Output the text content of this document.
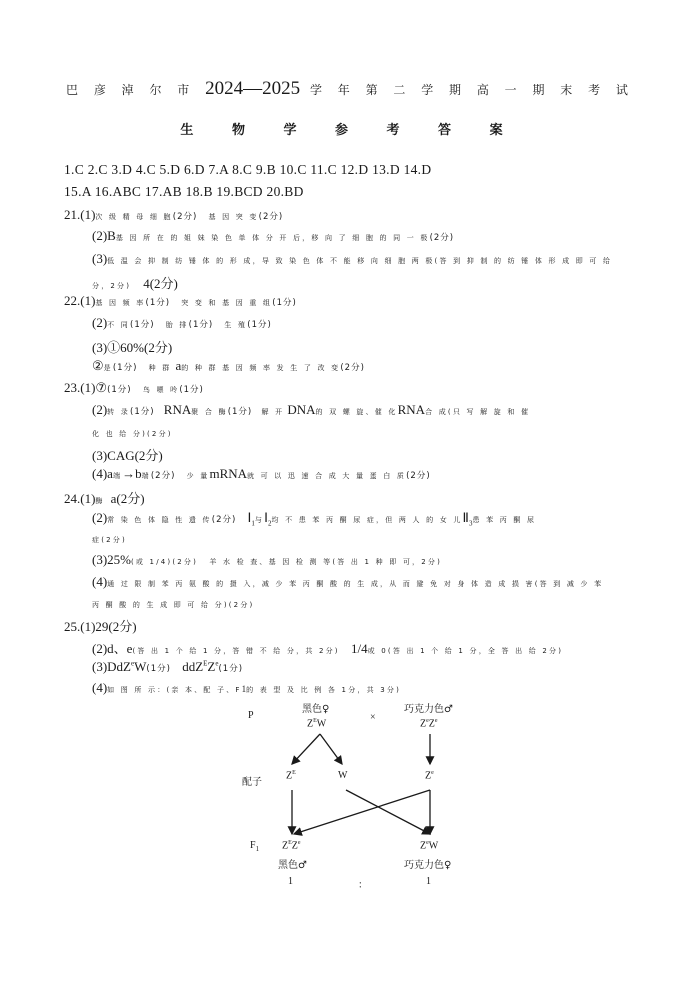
巴 彦 淖 尔 市 2024—2025 学 年 第 二 学 期 高 一 期 末 考 试
生 物 学 参 考 答 案
1.C 2.C 3.D 4.C 5.D 6.D 7.A 8.C 9.B 10.C 11.C 12.D 13.D 14.D
15.A 16.ABC 17.AB 18.B 19.BCD 20.BD
21.(1)次 级 精 母 细 胞(2分) 基 因 突 变(2分)
(2)B基 因 所 在 的 姐 妹 染 色 单 体 分 开 后，移 向 了 细 胞 的 同 一 极(2分)
(3)低 温 会 抑 制 纺 锤 体 的 形 成，导 致 染 色 体 不 能 移 向 细 胞 两 极(答 到 抑 制 的 纺 锤 体 形 成 即 可 给
分，2分) 4(2分)
22.(1)基 因 频 率(1分) 突 变 和 基 因 重 组(1分)
(2)不 同(1分) 胎 排(1分) 生 殖(1分)
(3)①60%(2分)
②是(1分) 种 群 a的 种 群 基 因 频 率 发 生 了 改 变(2分)
23.(1)⑦(1分) 鸟 嘌 呤(1分)
(2)转 录(1分) RNA聚 合 酶(1分) 解 开 DNA的 双 螺 旋、催 化RNA合 成(只 写 解 旋 和 催
化 也 给 分)(2分)
(3)CAG(2分)
(4)a端→b端(2分) 少 量mRNA就 可 以 迅 速 合 成 大 量 蛋 白 质(2分)
24.(1)酶 a(2分)
(2)常 染 色 体 隐 性 遗 传(2分) $Ⅰ_1$与$Ⅰ_2$均 不 患 苯 丙 酮 尿 症，但 两 人 的 女 儿$Ⅱ_3$患 苯 丙 酮 尿
症(2分)
(3)25%(或 1/4)(2分) 羊 水 检 查、基 因 检 测 等(答 出 1 种 即 可，2分)
(4)通 过 限 制 苯 丙 氨 酸 的 摄 入，减 少 苯 丙 酮 酸 的 生 成，从 而 避 免 对 身 体 造 成 损 害(答 到 减 少 苯
丙 酮 酸 的 生 成 即 可 给 分)(2分)
25.(1)29(2分)
(2)d、e(答 出 1 个 给 1 分，答 错 不 给 分，共 2分) 1/4或 0(答 出 1 个 给 1 分，全 答 出 给 2分)
(3)DdZ$^e$W(1分) $ddZ^EZ^e(1$分)
(4)如 图 所 示：(亲 本、配 子、F1的 表 型 及 比 例 各 1分，共 3分)
P
黑色♀
$Z^EW$
×
巧克力色♂
$Z^eZ^e$
配子
$Z^E$	W	$Z^e$
$F_1$ $Z^EZ^e$
黑色♂
$Z^eW$
巧克力色♀
1	：	1
